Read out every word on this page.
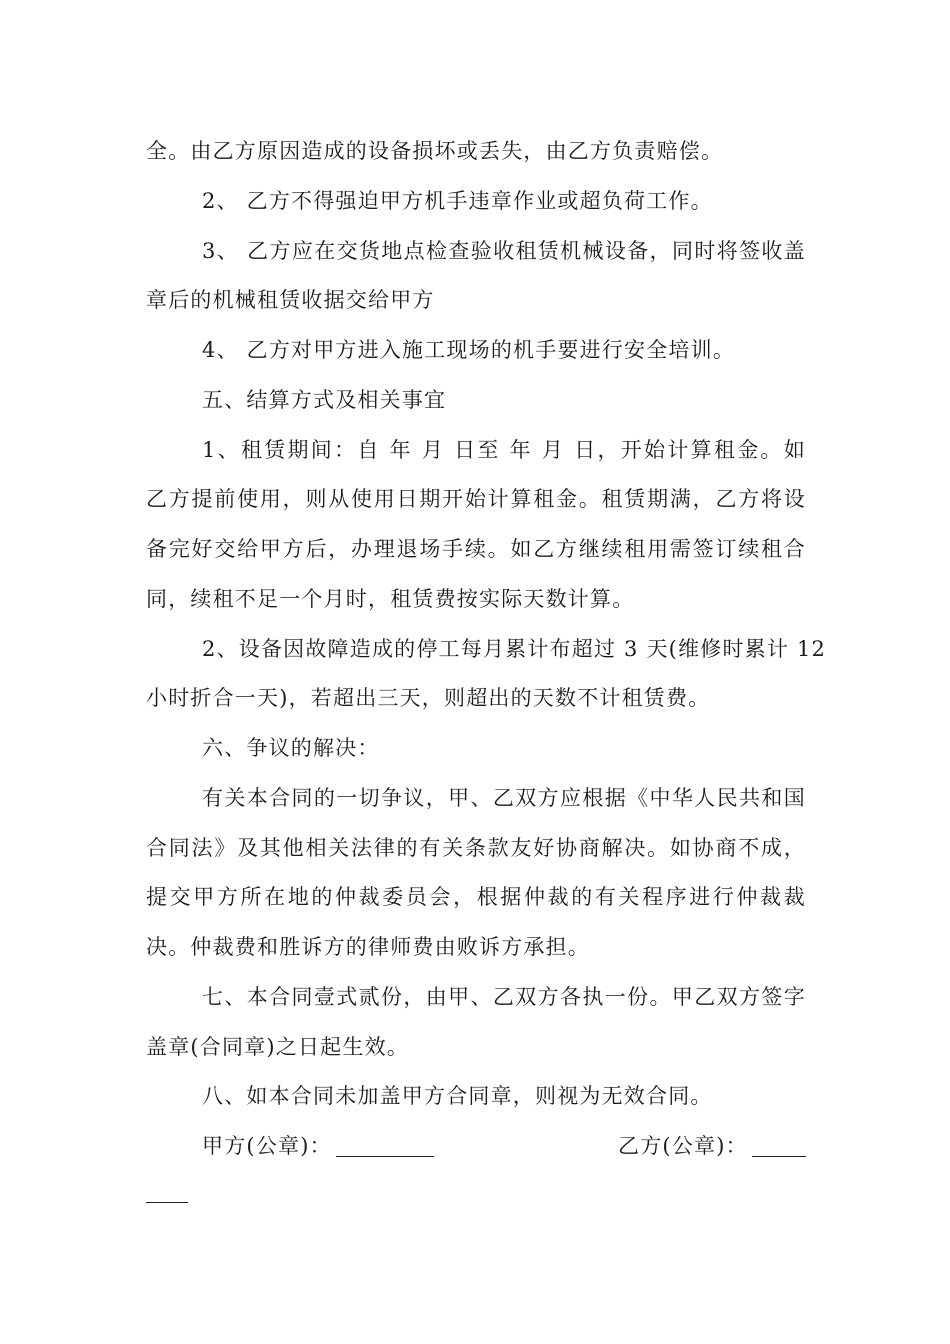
全。由乙方原因造成的设备损坏或丢失，由乙方负责赔偿。
2、 乙方不得强迫甲方机手违章作业或超负荷工作。
3、 乙方应在交货地点检查验收租赁机械设备，同时将签收盖
章后的机械租赁收据交给甲方
4、 乙方对甲方进入施工现场的机手要进行安全培训。
五、结算方式及相关事宜
1、租赁期间：自 年 月 日至 年 月 日，开始计算租金。如
乙方提前使用，则从使用日期开始计算租金。租赁期满，乙方将设
备完好交给甲方后，办理退场手续。如乙方继续租用需签订续租合
同，续租不足一个月时，租赁费按实际天数计算。
2、设备因故障造成的停工每月累计布超过 3 天(维修时累计 12
小时折合一天)，若超出三天，则超出的天数不计租赁费。
六、争议的解决：
有关本合同的一切争议，甲、乙双方应根据《中华人民共和国
合同法》及其他相关法律的有关条款友好协商解决。如协商不成，
提交甲方所在地的仲裁委员会，根据仲裁的有关程序进行仲裁裁
决。仲裁费和胜诉方的律师费由败诉方承担。
七、本合同壹式贰份，由甲、乙双方各执一份。甲乙双方签字
盖章(合同章)之日起生效。
八、如本合同未加盖甲方合同章，则视为无效合同。
甲方(公章)：	乙方(公章)：
